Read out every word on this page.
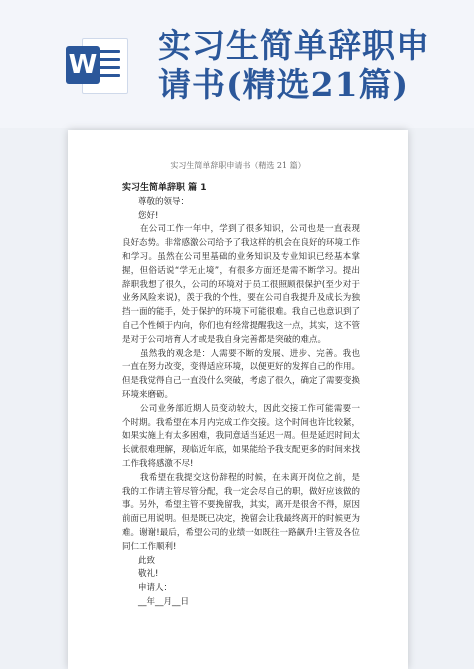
W 实习生简单辞职申请书(精选21篇)
实习生简单辞职申请书（精选 21 篇）

实习生简单辞职 篇 1

尊敬的领导：

您好!

在公司工作一年中，学到了很多知识，公司也是一直表现良好态势。非常感激公司给予了我这样的机会在良好的环境工作和学习。虽然在公司里基础的业务知识及专业知识已经基本掌握，但俗话说“学无止境”，有很多方面还是需不断学习。提出辞职我想了很久，公司的环境对于员工很照顾很保护(至少对于业务风险来说)，羡于我的个性，要在公司自我提升及成长为独挡一面的能手，处于保护的环境下可能很难。我自己也意识到了自己个性倾于内向，你们也有经常提醒我这一点，其实，这不管是对于公司培育人才或是我自身完善都是突破的难点。

虽然我的观念是：人需要不断的发展、进步、完善。我也一直在努力改变，变得适应环境，以便更好的发挥自己的作用。但是我觉得自己一直没什么突破，考虑了很久，确定了需要变换环境来磨砺。

公司业务部近期人员变动较大，因此交接工作可能需要一个时期。我希望在本月内完成工作交接。这个时间也许比较紧，如果实施上有太多困难，我同意适当延迟一周。但是延迟时间太长就很难理解，现临近年底，如果能给予我支配更多的时间来找工作我将感激不尽!

我希望在我提交这份辞程的时候，在未离开岗位之前，是我的工作请主管尽管分配，我一定会尽自己的职，做好应该做的事。另外，希望主管不要挽留我，其实，离开是很舍不得，原因前面已用说明。但是既已决定，挽留会让我最终离开的时候更为难。谢谢!最后，希望公司的业绩一如既往一路飙升!主管及各位同仁工作顺利!

此致

敬礼!

申请人：

__年__月__日
